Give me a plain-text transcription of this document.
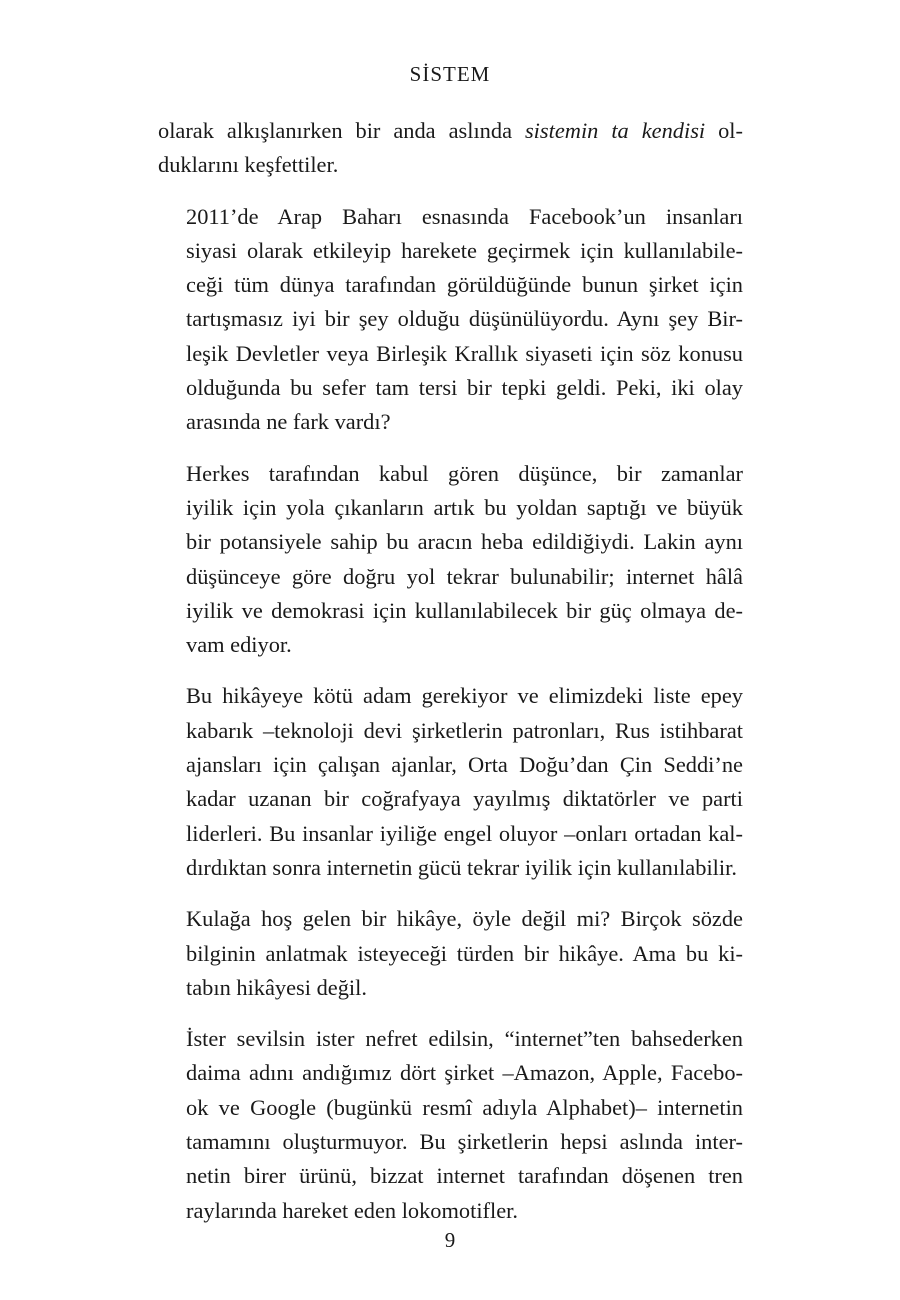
SİSTEM
olarak alkışlanırken bir anda aslında sistemin ta kendisi ol-
duklarını keşfettiler.
2011’de Arap Baharı esnasında Facebook’un insanları
siyasi olarak etkileyip harekete geçirmek için kullanılabile-
ceği tüm dünya tarafından görüldüğünde bunun şirket için
tartışmasız iyi bir şey olduğu düşünülüyordu. Aynı şey Bir-
leşik Devletler veya Birleşik Krallık siyaseti için söz konusu
olduğunda bu sefer tam tersi bir tepki geldi. Peki, iki olay
arasında ne fark vardı?
Herkes tarafından kabul gören düşünce, bir zamanlar
iyilik için yola çıkanların artık bu yoldan saptığı ve büyük
bir potansiyele sahip bu aracın heba edildiğiydi. Lakin aynı
düşünceye göre doğru yol tekrar bulunabilir; internet hâlâ
iyilik ve demokrasi için kullanılabilecek bir güç olmaya de-
vam ediyor.
Bu hikâyeye kötü adam gerekiyor ve elimizdeki liste epey
kabarık –teknoloji devi şirketlerin patronları, Rus istihbarat
ajansları için çalışan ajanlar, Orta Doğu’dan Çin Seddi’ne
kadar uzanan bir coğrafyaya yayılmış diktatörler ve parti
liderleri. Bu insanlar iyiliğe engel oluyor –onları ortadan kal-
dırdıktan sonra internetin gücü tekrar iyilik için kullanılabilir.
Kulağa hoş gelen bir hikâye, öyle değil mi? Birçok sözde
bilginin anlatmak isteyeceği türden bir hikâye. Ama bu ki-
tabın hikâyesi değil.
İster sevilsin ister nefret edilsin, “internet”ten bahsederken
daima adını andığımız dört şirket –Amazon, Apple, Facebo-
ok ve Google (bugünkü resmî adıyla Alphabet)– internetin
tamamını oluşturmuyor. Bu şirketlerin hepsi aslında inter-
netin birer ürünü, bizzat internet tarafından döşenen tren
raylarında hareket eden lokomotifler.
9
